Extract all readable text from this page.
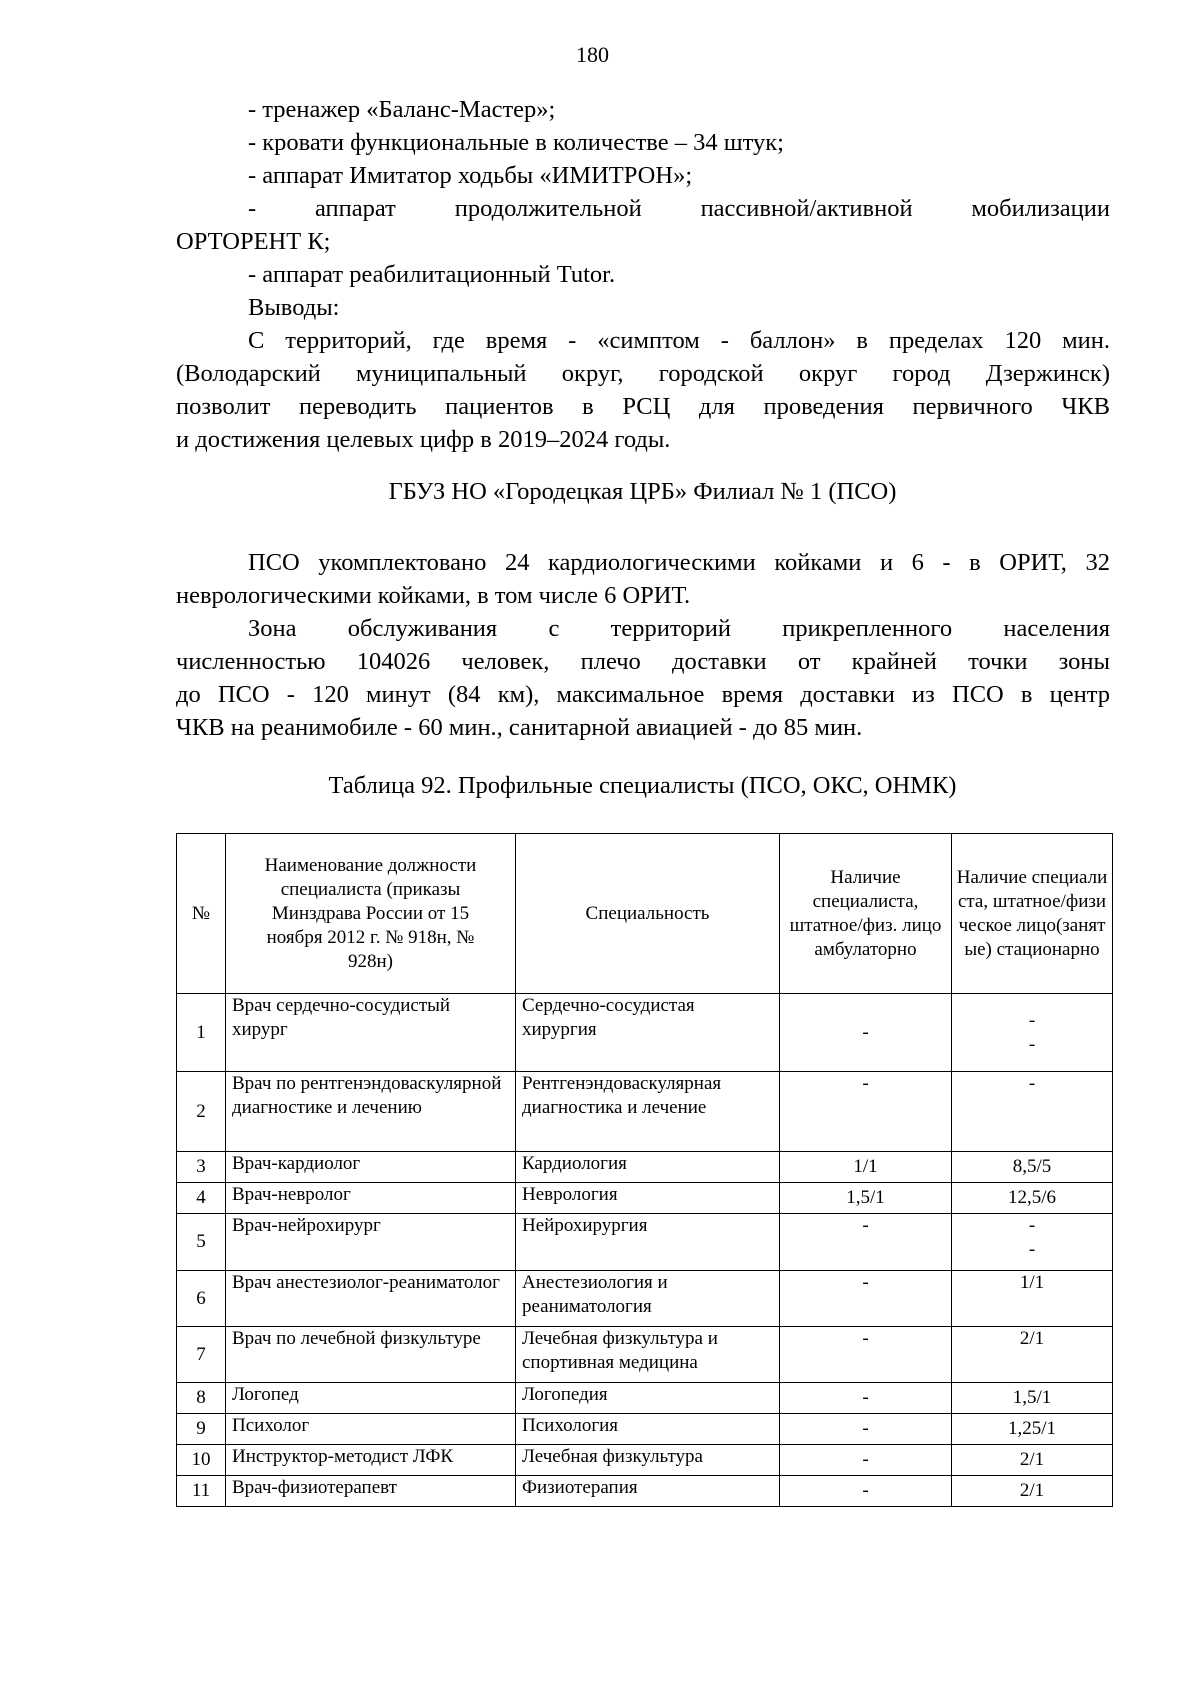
180
- тренажер «Баланс-Мастер»;
- кровати функциональные в количестве – 34 штук;
- аппарат Имитатор ходьбы «ИМИТРОН»;
- аппарат продолжительной пассивной/активной мобилизации
ОРТОРЕНТ К;
- аппарат реабилитационный Tutor.
Выводы:
С территорий, где время - «симптом - баллон» в пределах 120 мин.
(Володарский муниципальный округ, городской округ город Дзержинск)
позволит переводить пациентов в РСЦ для проведения первичного ЧКВ
и достижения целевых цифр в 2019–2024 годы.
ГБУЗ НО «Городецкая ЦРБ» Филиал № 1 (ПСО)
ПСО укомплектовано 24 кардиологическими койками и 6 - в ОРИТ, 32
неврологическими койками, в том числе 6 ОРИТ.
Зона обслуживания с территорий прикрепленного населения
численностью 104026 человек, плечо доставки от крайней точки зоны
до ПСО - 120 минут (84 км), максимальное время доставки из ПСО в центр
ЧКВ на реанимобиле - 60 мин., санитарной авиацией - до 85 мин.
Таблица 92. Профильные специалисты (ПСО, ОКС, ОНМК)
№	Наименование должности специалиста (приказы Минздрава России от 15 ноября 2012 г. № 918н, № 928н)	Специальность	Наличие специалиста, штатное/физ. лицо амбулаторно	Наличие специалиста, штатное/физическое лицо(занятые) стационарно
1	Врач сердечно-сосудистый хирург	Сердечно-сосудистая хирургия	-	-
-

2	Врач по рентгенэндоваскулярной диагностике и лечению	Рентгенэндоваскулярная диагностика и лечение	-	-
3	Врач-кардиолог	Кардиология	1/1	8,5/5
4	Врач-невролог	Неврология	1,5/1	12,5/6
5	Врач-нейрохирург	Нейрохирургия	-	-
-

6	Врач анестезиолог-реаниматолог	Анестезиология и реаниматология	-	1/1
7	Врач по лечебной физкультуре	Лечебная физкультура и спортивная медицина	-	2/1
8	Логопед	Логопедия	-	1,5/1
9	Психолог	Психология	-	1,25/1
10	Инструктор-методист ЛФК	Лечебная физкультура	-	2/1
11	Врач-физиотерапевт	Физиотерапия	-	2/1
